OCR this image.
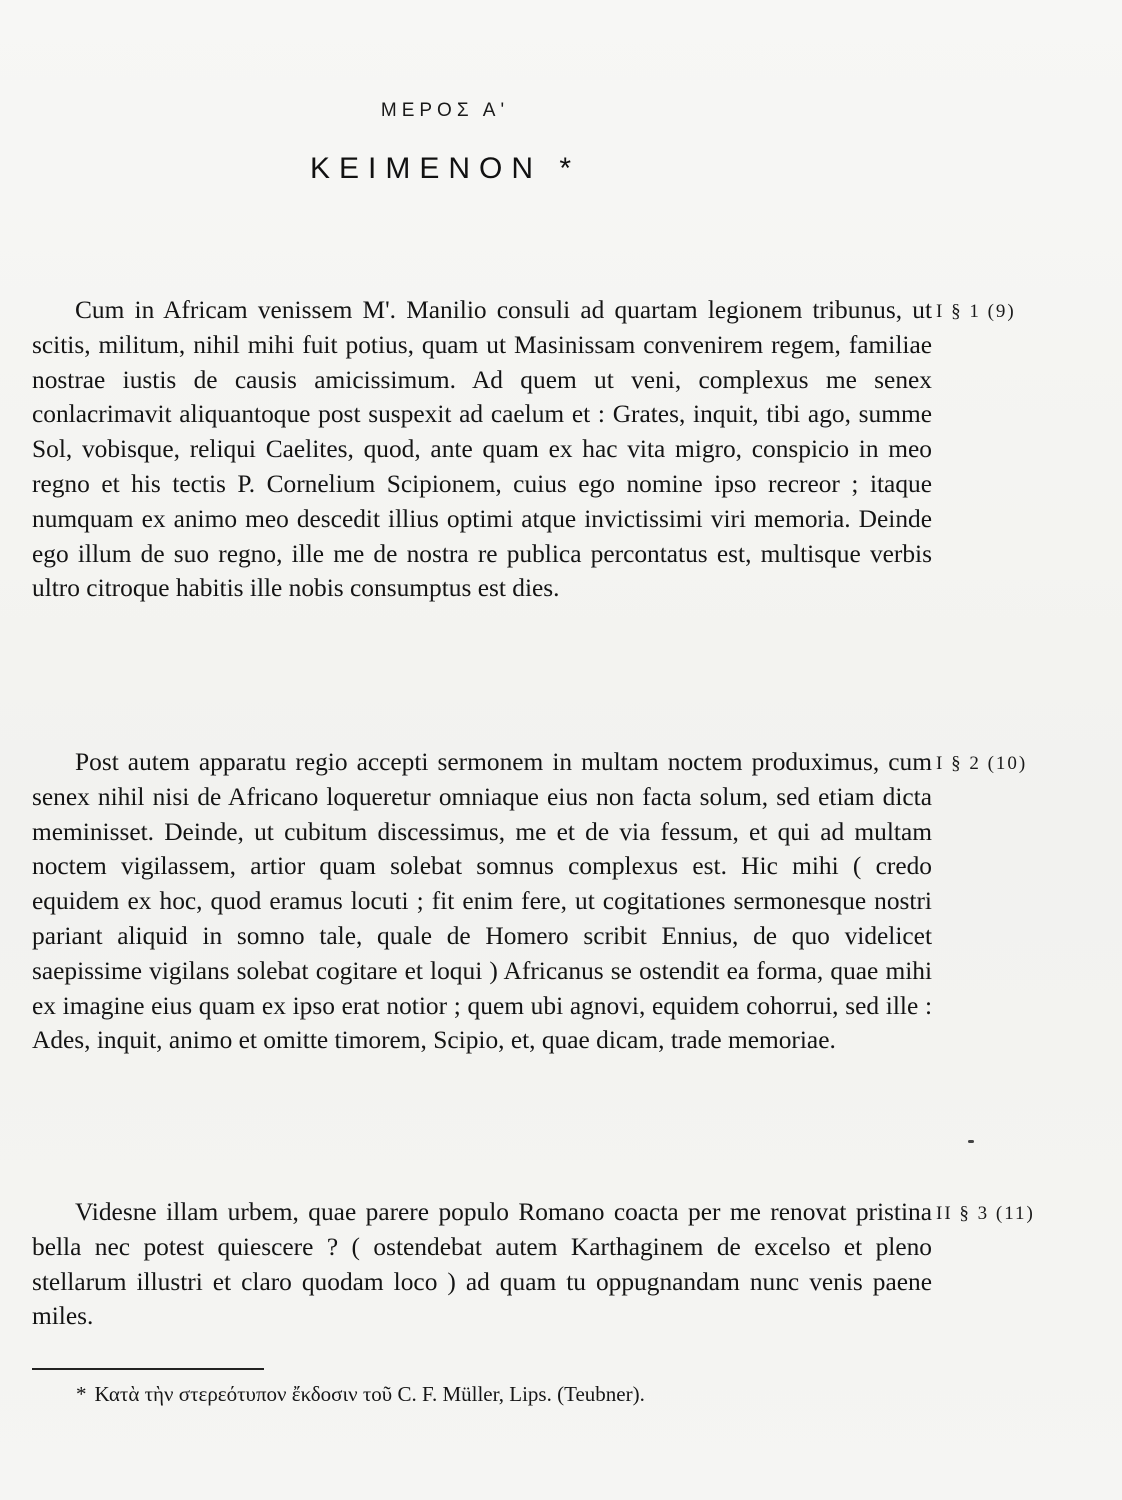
ΜΕΡΟΣ Α'
ΚΕΙΜΕΝΟΝ *

Cum in Africam venissem M'. Manilio consuli ad quartam legionem tribunus, ut scitis, militum, nihil mihi fuit potius, quam ut Masinissam convenirem regem, familiae nostrae iustis de causis amicissimum. Ad quem ut veni, complexus me senex conlacrimavit aliquantoque post suspexit ad caelum et : Grates, inquit, tibi ago, summe Sol, vobisque, reliqui Caelites, quod, ante quam ex hac vita migro, conspicio in meo regno et his tectis P. Cornelium Scipionem, cuius ego nomine ipso recreor ; itaque numquam ex animo meo descedit illius optimi atque invictissimi viri memoria. Deinde ego illum de suo regno, ille me de nostra re publica percontatus est, multisque verbis ultro citroque habitis ille nobis consumptus est dies.

I § 1 (9)

Post autem apparatu regio accepti sermonem in multam noctem produximus, cum senex nihil nisi de Africano loqueretur omniaque eius non facta solum, sed etiam dicta meminisset. Deinde, ut cubitum discessimus, me et de via fessum, et qui ad multam noctem vigilassem, artior quam solebat somnus complexus est. Hic mihi ( credo equidem ex hoc, quod eramus locuti ; fit enim fere, ut cogitationes sermonesque nostri pariant aliquid in somno tale, quale de Homero scribit Ennius, de quo videlicet saepissime vigilans solebat cogitare et loqui ) Africanus se ostendit ea forma, quae mihi ex imagine eius quam ex ipso erat notior ; quem ubi agnovi, equidem cohorrui, sed ille : Ades, inquit, animo et omitte timorem, Scipio, et, quae dicam, trade memoriae.

I § 2 (10)

Videsne illam urbem, quae parere populo Romano coacta per me renovat pristina bella nec potest quiescere ? ( ostendebat autem Karthaginem de excelso et pleno stellarum illustri et claro quodam loco ) ad quam tu oppugnandam nunc venis paene miles.

II § 3 (11)
* Κατὰ τὴν στερεότυπον ἔκδοσιν τοῦ C. F. Müller, Lips. (Teubner).
